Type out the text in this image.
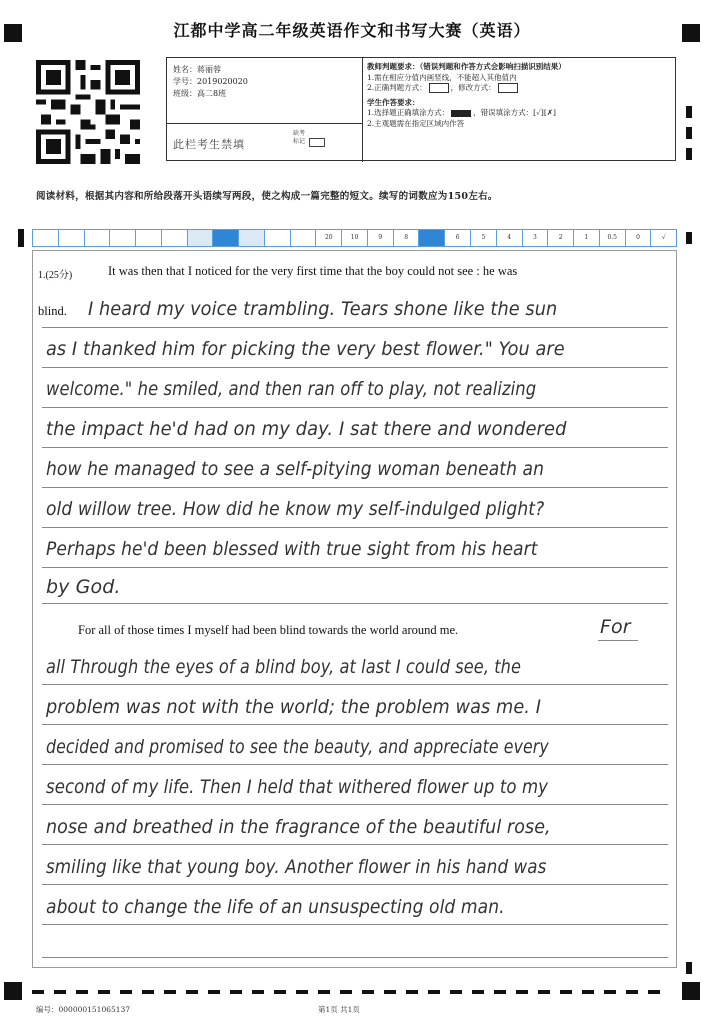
江都中学高二年级英语作文和书写大赛（英语）
姓名：蒋丽蓉
学号：2019020020
班级：高二8班
此栏考生禁填
缺考标记
教师判题要求：（错误判题和作答方式会影响扫描识别结果）
1.需在相应分值内画竖线，不能超入其他值内
2.正确判题方式：	，修改方式：
学生作答要求：
1.选择题正确填涂方式：	，错误填涂方式：[✓][✗]
2.主观题需在指定区域内作答
阅读材料，根据其内容和所给段落开头语续写两段，使之构成一篇完整的短文。续写的词数应为150左右。
20	10	9	8	6	5	4	3	2	1	0.5	0	√
1.(25分)	It was then that I noticed for the very first time that the boy could not see : he was
blind.
For all of those times I myself had been blind towards the world around me.
I heard my voice trambling. Tears shone like the sun
as I thanked him for picking the very best flower." You are
welcome." he smiled, and then ran off to play, not realizing
the impact he'd had on my day. I sat there and wondered
how he managed to see a self-pitying woman beneath an
old willow tree. How did he know my self-indulged plight?
Perhaps he'd been blessed with true sight from his heart
by God.
For
all Through the eyes of a blind boy, at last I could see, the
problem was not with the world; the problem was me. I
decided and promised to see the beauty, and appreciate every
second of my life. Then I held that withered flower up to my
nose and breathed in the fragrance of the beautiful rose,
smiling like that young boy. Another flower in his hand was
about to change the life of an unsuspecting old man.
编号：000000151065137	第1页 共1页
